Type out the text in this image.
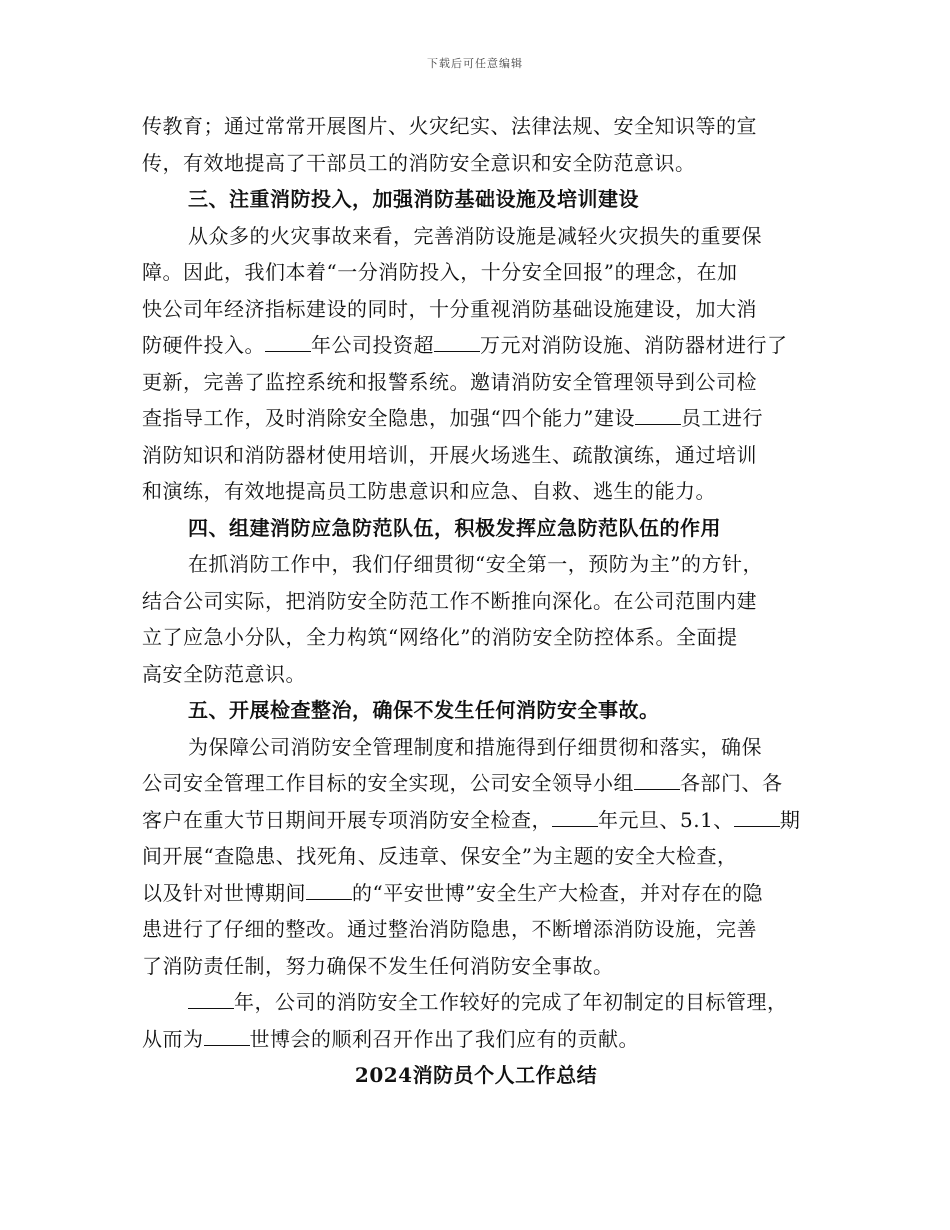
下载后可任意编辑
传教育；通过常常开展图片、火灾纪实、法律法规、安全知识等的宣
传，有效地提高了干部员工的消防安全意识和安全防范意识。
三、注重消防投入，加强消防基础设施及培训建设
从众多的火灾事故来看，完善消防设施是减轻火灾损失的重要保
障。因此，我们本着“一分消防投入，十分安全回报”的理念，在加
快公司年经济指标建设的同时，十分重视消防基础设施建设，加大消
防硬件投入。 年公司投资超 万元对消防设施、消防器材进行了
更新，完善了监控系统和报警系统。邀请消防安全管理领导到公司检
查指导工作，及时消除安全隐患，加强“四个能力”建设 员工进行
消防知识和消防器材使用培训，开展火场逃生、疏散演练，通过培训
和演练，有效地提高员工防患意识和应急、自救、逃生的能力。
四、组建消防应急防范队伍，积极发挥应急防范队伍的作用
在抓消防工作中，我们仔细贯彻“安全第一，预防为主”的方针，
结合公司实际，把消防安全防范工作不断推向深化。在公司范围内建
立了应急小分队，全力构筑“网络化”的消防安全防控体系。全面提
高安全防范意识。
五、开展检查整治，确保不发生任何消防安全事故。
为保障公司消防安全管理制度和措施得到仔细贯彻和落实，确保
公司安全管理工作目标的安全实现，公司安全领导小组 各部门、各
客户在重大节日期间开展专项消防安全检查， 年元旦、5.1、 期
间开展“查隐患、找死角、反违章、保安全”为主题的安全大检查，
以及针对世博期间 的“平安世博”安全生产大检查，并对存在的隐
患进行了仔细的整改。通过整治消防隐患，不断增添消防设施，完善
了消防责任制，努力确保不发生任何消防安全事故。
年，公司的消防安全工作较好的完成了年初制定的目标管理，
从而为 世博会的顺利召开作出了我们应有的贡献。
2024消防员个人工作总结
